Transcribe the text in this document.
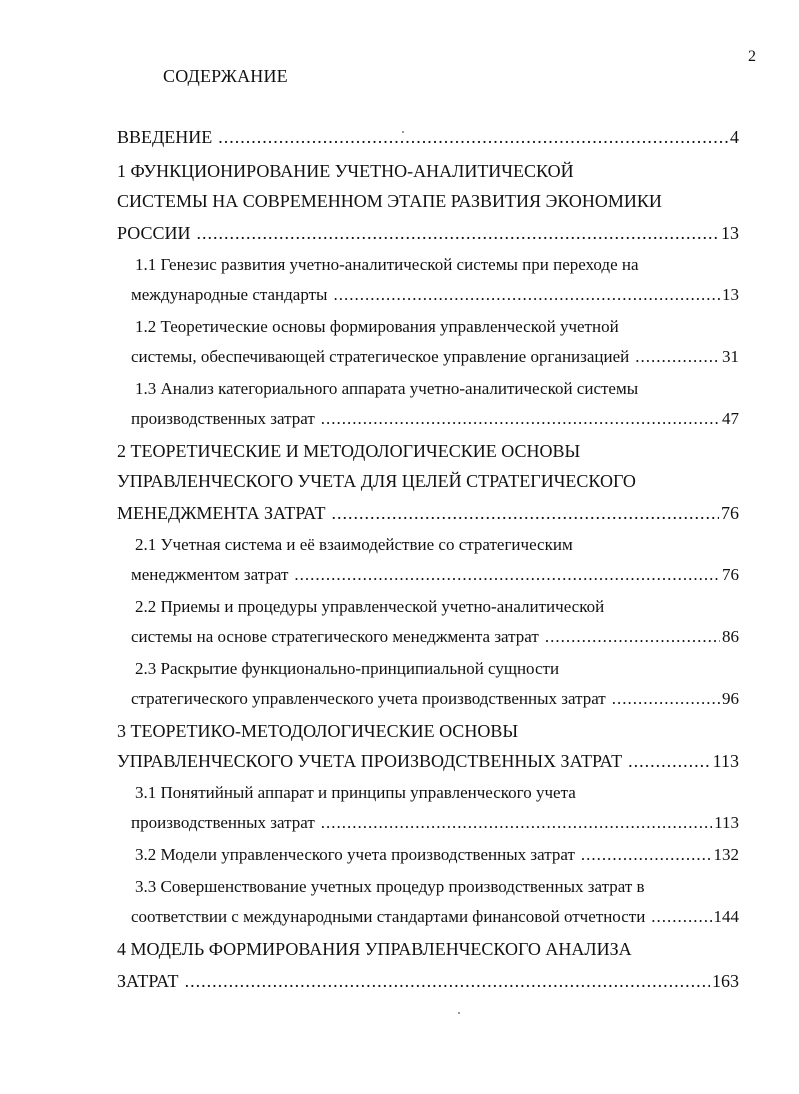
2
СОДЕРЖАНИЕ
ВВЕДЕНИЕ .....	4
1 ФУНКЦИОНИРОВАНИЕ УЧЕТНО-АНАЛИТИЧЕСКОЙ
СИСТЕМЫ НА СОВРЕМЕННОМ ЭТАПЕ РАЗВИТИЯ ЭКОНОМИКИ
РОССИИ .....	13
1.1 Генезис развития учетно-аналитической системы при переходе на
международные стандарты .....	13
1.2 Теоретические основы формирования управленческой учетной
системы, обеспечивающей стратегическое управление организацией .....	31
1.3 Анализ категориального аппарата учетно-аналитической системы
производственных затрат .....	47
2 ТЕОРЕТИЧЕСКИЕ И МЕТОДОЛОГИЧЕСКИЕ ОСНОВЫ
УПРАВЛЕНЧЕСКОГО УЧЕТА ДЛЯ ЦЕЛЕЙ СТРАТЕГИЧЕСКОГО
МЕНЕДЖМЕНТА ЗАТРАТ .....	76
2.1 Учетная система и её взаимодействие со стратегическим
менеджментом затрат .....	76
2.2 Приемы и процедуры управленческой учетно-аналитической
системы на основе стратегического менеджмента затрат .....	86
2.3 Раскрытие функционально-принципиальной сущности
стратегического управленческого учета производственных затрат .....	96
3 ТЕОРЕТИКО-МЕТОДОЛОГИЧЕСКИЕ ОСНОВЫ
УПРАВЛЕНЧЕСКОГО УЧЕТА ПРОИЗВОДСТВЕННЫХ ЗАТРАТ .....	113
3.1 Понятийный аппарат и принципы управленческого учета
производственных затрат .....	113
3.2 Модели управленческого учета производственных затрат .....	132
3.3 Совершенствование учетных процедур производственных затрат в
соответствии с международными стандартами финансовой отчетности .....	144
4 МОДЕЛЬ ФОРМИРОВАНИЯ УПРАВЛЕНЧЕСКОГО АНАЛИЗА
ЗАТРАТ .....	163
